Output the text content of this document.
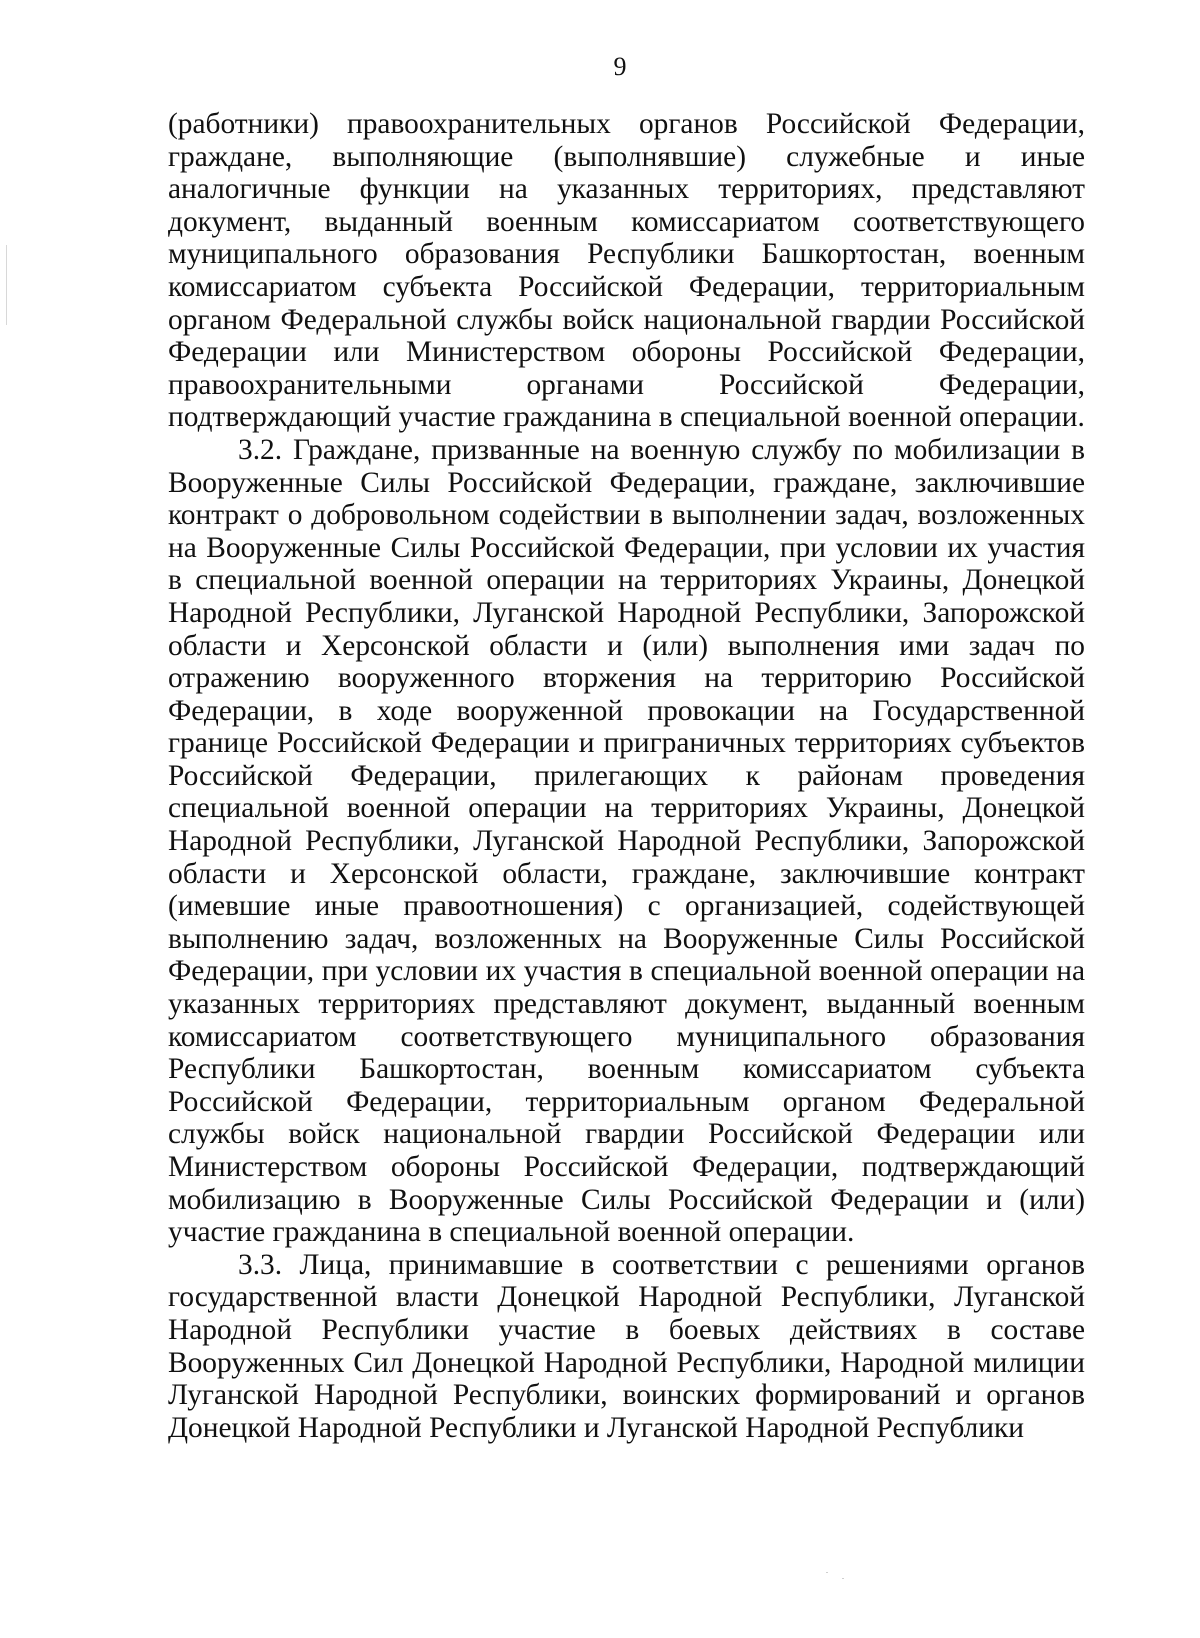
9

(работники) правоохранительных органов Российской Федерации, граждане, выполняющие (выполнявшие) служебные и иные аналогичные функции на указанных территориях, представляют документ, выданный военным комиссариатом соответствующего муниципального образования Республики Башкортостан, военным комиссариатом субъекта Российской Федерации, территориальным органом Федеральной службы войск национальной гвардии Российской Федерации или Министерством обороны Российской Федерации, правоохранительными органами Российской Федерации, подтверждающий участие гражданина в специальной военной операции.

3.2. Граждане, призванные на военную службу по мобилизации в Вооруженные Силы Российской Федерации, граждане, заключившие контракт о добровольном содействии в выполнении задач, возложенных на Вооруженные Силы Российской Федерации, при условии их участия в специальной военной операции на территориях Украины, Донецкой Народной Республики, Луганской Народной Республики, Запорожской области и Херсонской области и (или) выполнения ими задач по отражению вооруженного вторжения на территорию Российской Федерации, в ходе вооруженной провокации на Государственной границе Российской Федерации и приграничных территориях субъектов Российской Федерации, прилегающих к районам проведения специальной военной операции на территориях Украины, Донецкой Народной Республики, Луганской Народной Республики, Запорожской области и Херсонской области, граждане, заключившие контракт (имевшие иные правоотношения) с организацией, содействующей выполнению задач, возложенных на Вооруженные Силы Российской Федерации, при условии их участия в специальной военной операции на указанных территориях представляют документ, выданный военным комиссариатом соответствующего муниципального образования Республики Башкортостан, военным комиссариатом субъекта Российской Федерации, территориальным органом Федеральной службы войск национальной гвардии Российской Федерации или Министерством обороны Российской Федерации, подтверждающий мобилизацию в Вооруженные Силы Российской Федерации и (или) участие гражданина в специальной военной операции.

3.3. Лица, принимавшие в соответствии с решениями органов государственной власти Донецкой Народной Республики, Луганской Народной Республики участие в боевых действиях в составе Вооруженных Сил Донецкой Народной Республики, Народной милиции Луганской Народной Республики, воинских формирований и органов Донецкой Народной Республики и Луганской Народной Республики
